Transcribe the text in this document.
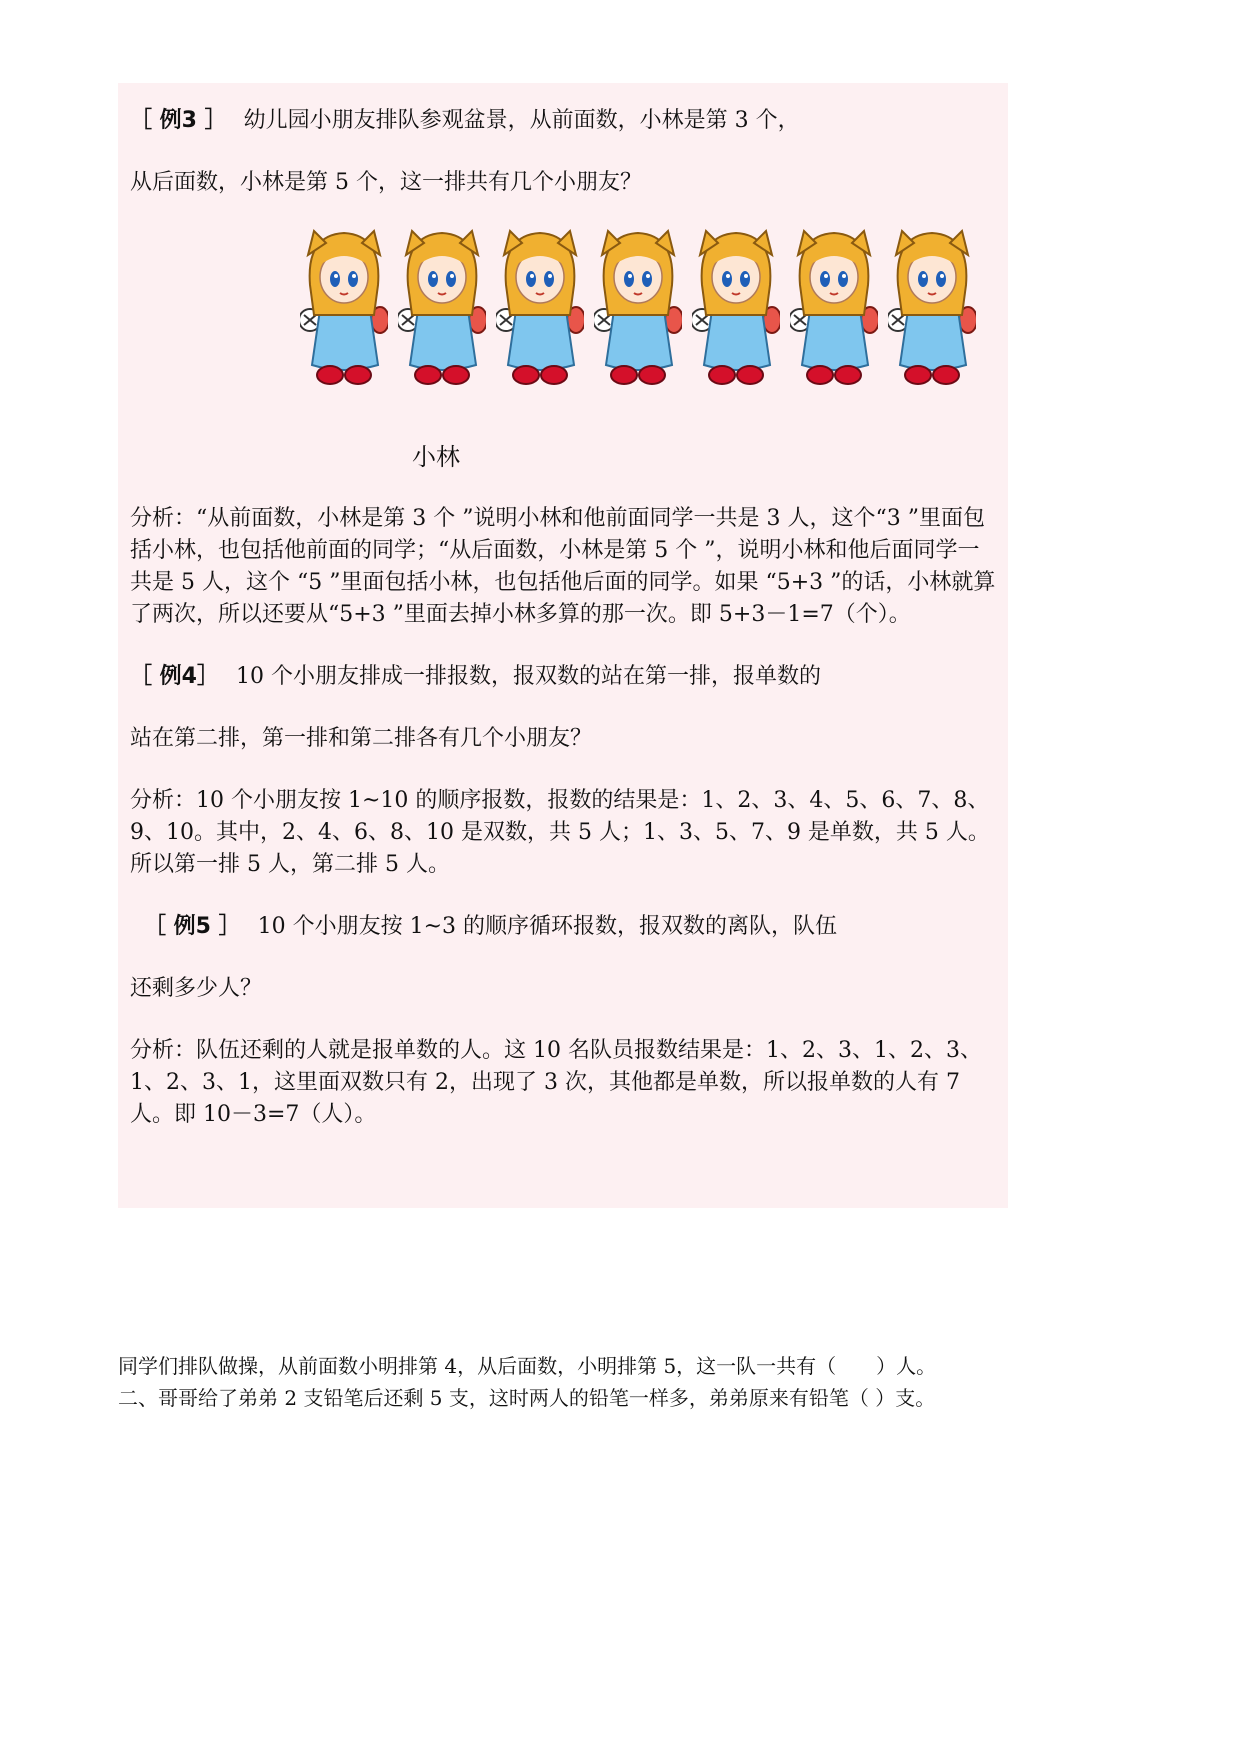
［ 例3 ］ 幼儿园小朋友排队参观盆景，从前面数，小林是第 3 个，

从后面数，小林是第 5 个，这一排共有几个小朋友？

小林

分析：“从前面数，小林是第 3 个 ”说明小林和他前面同学一共是 3 人，这个“3 ”里面包括小林，也包括他前面的同学；“从后面数，小林是第 5 个 ”，说明小林和他后面同学一共是 5 人，这个 “5 ”里面包括小林，也包括他后面的同学。如果 “5+3 ”的话，小林就算了两次，所以还要从“5+3 ”里面去掉小林多算的那一次。即 5+3－1=7（个）。

［ 例4］ 10 个小朋友排成一排报数，报双数的站在第一排，报单数的

站在第二排，第一排和第二排各有几个小朋友？

分析：10 个小朋友按 1~10 的顺序报数，报数的结果是：1、2、3、4、5、6、7、8、9、10。其中，2、4、6、8、10 是双数，共 5 人；1、3、5、7、9 是单数，共 5 人。所以第一排 5 人，第二排 5 人。

［ 例5 ］ 10 个小朋友按 1~3 的顺序循环报数，报双数的离队，队伍

还剩多少人？

分析：队伍还剩的人就是报单数的人。这 10 名队员报数结果是：1、2、3、1、2、3、1、2、3、1，这里面双数只有 2，出现了 3 次，其他都是单数，所以报单数的人有 7 人。即 10－3=7（人）。

同学们排队做操，从前面数小明排第 4，从后面数，小明排第 5，这一队一共有（　　）人。

二、哥哥给了弟弟 2 支铅笔后还剩 5 支，这时两人的铅笔一样多，弟弟原来有铅笔（ ）支。
